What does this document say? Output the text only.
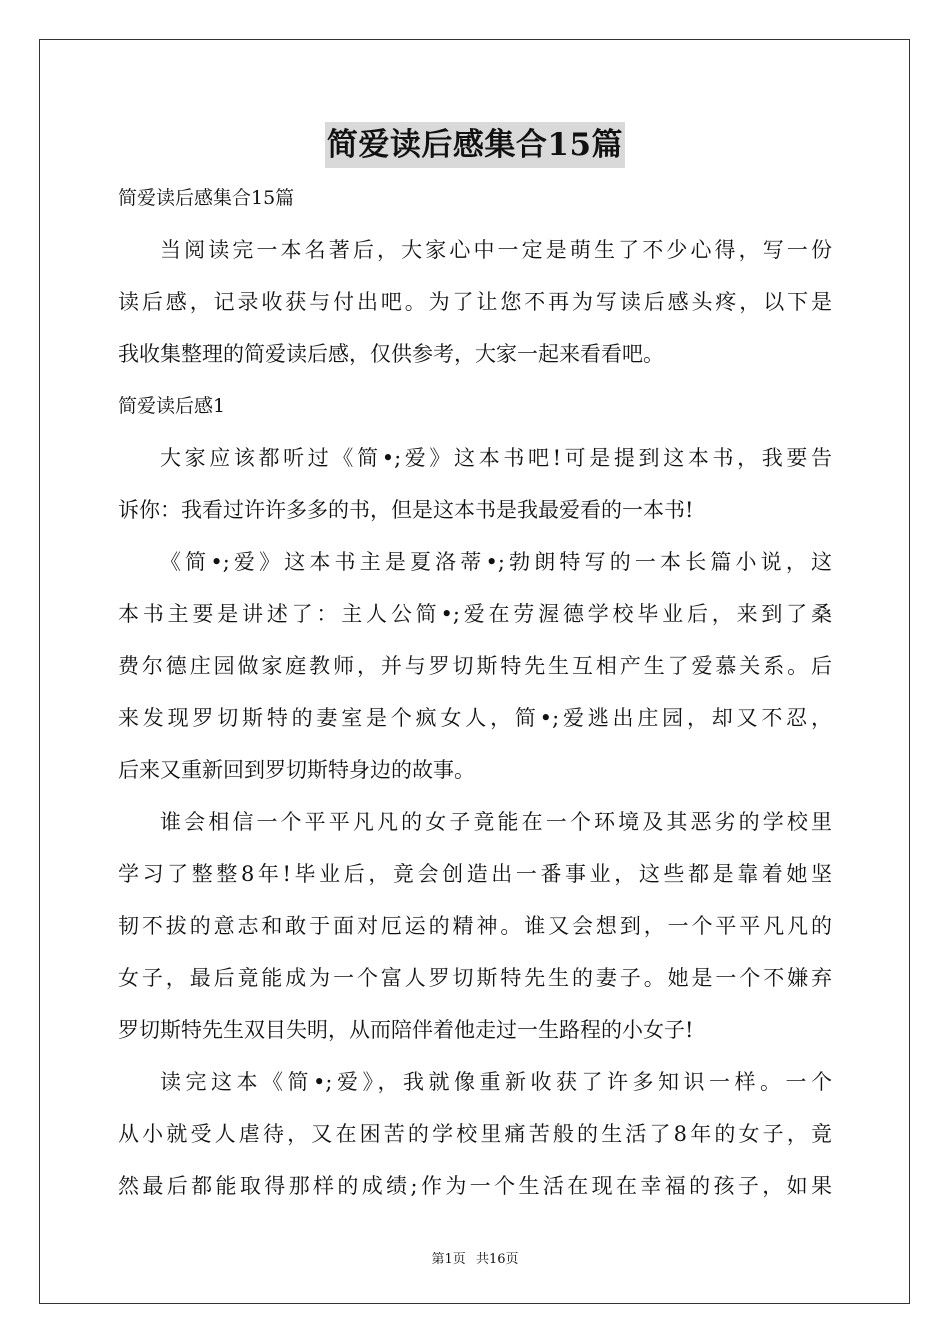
简爱读后感集合15篇
简爱读后感集合15篇
当阅读完一本名著后，大家心中一定是萌生了不少心得，写一份
读后感，记录收获与付出吧。为了让您不再为写读后感头疼，以下是
我收集整理的简爱读后感，仅供参考，大家一起来看看吧。
简爱读后感1
大家应该都听过《简•;爱》这本书吧!可是提到这本书，我要告
诉你：我看过许许多多的书，但是这本书是我最爱看的一本书!
《简•;爱》这本书主是夏洛蒂•;勃朗特写的一本长篇小说，这
本书主要是讲述了：主人公简•;爱在劳渥德学校毕业后，来到了桑
费尔德庄园做家庭教师，并与罗切斯特先生互相产生了爱慕关系。后
来发现罗切斯特的妻室是个疯女人，简•;爱逃出庄园，却又不忍，
后来又重新回到罗切斯特身边的故事。
谁会相信一个平平凡凡的女子竟能在一个环境及其恶劣的学校里
学习了整整8年!毕业后，竟会创造出一番事业，这些都是靠着她坚
韧不拔的意志和敢于面对厄运的精神。谁又会想到，一个平平凡凡的
女子，最后竟能成为一个富人罗切斯特先生的妻子。她是一个不嫌弃
罗切斯特先生双目失明，从而陪伴着他走过一生路程的小女子!
读完这本《简•;爱》，我就像重新收获了许多知识一样。一个
从小就受人虐待，又在困苦的学校里痛苦般的生活了8年的女子，竟
然最后都能取得那样的成绩;作为一个生活在现在幸福的孩子，如果
第1页 共16页
